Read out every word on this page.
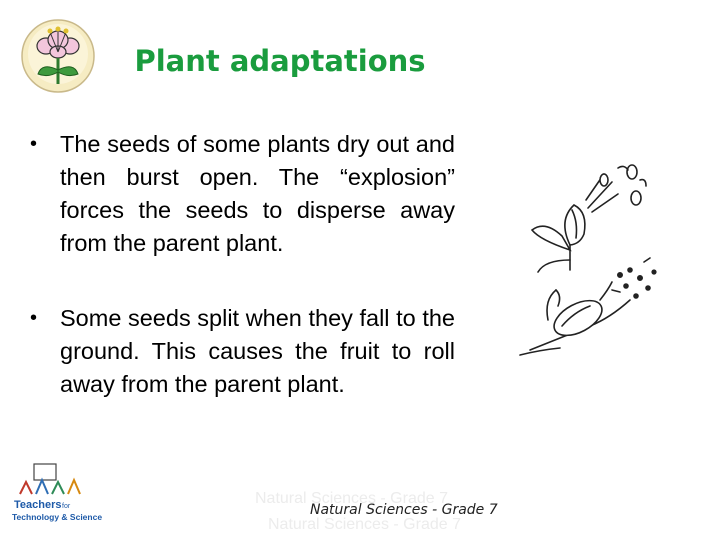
Plant adaptations
• The seeds of some plants dry out and then burst open. The “explosion” forces the seeds to disperse away from the parent plant.
• Some seeds split when they fall to the ground. This causes the fruit to roll away from the parent plant.
Teachers for
Technology & Science
Natural Sciences - Grade 7
Natural Sciences - Grade 7
Natural Sciences - Grade 7
